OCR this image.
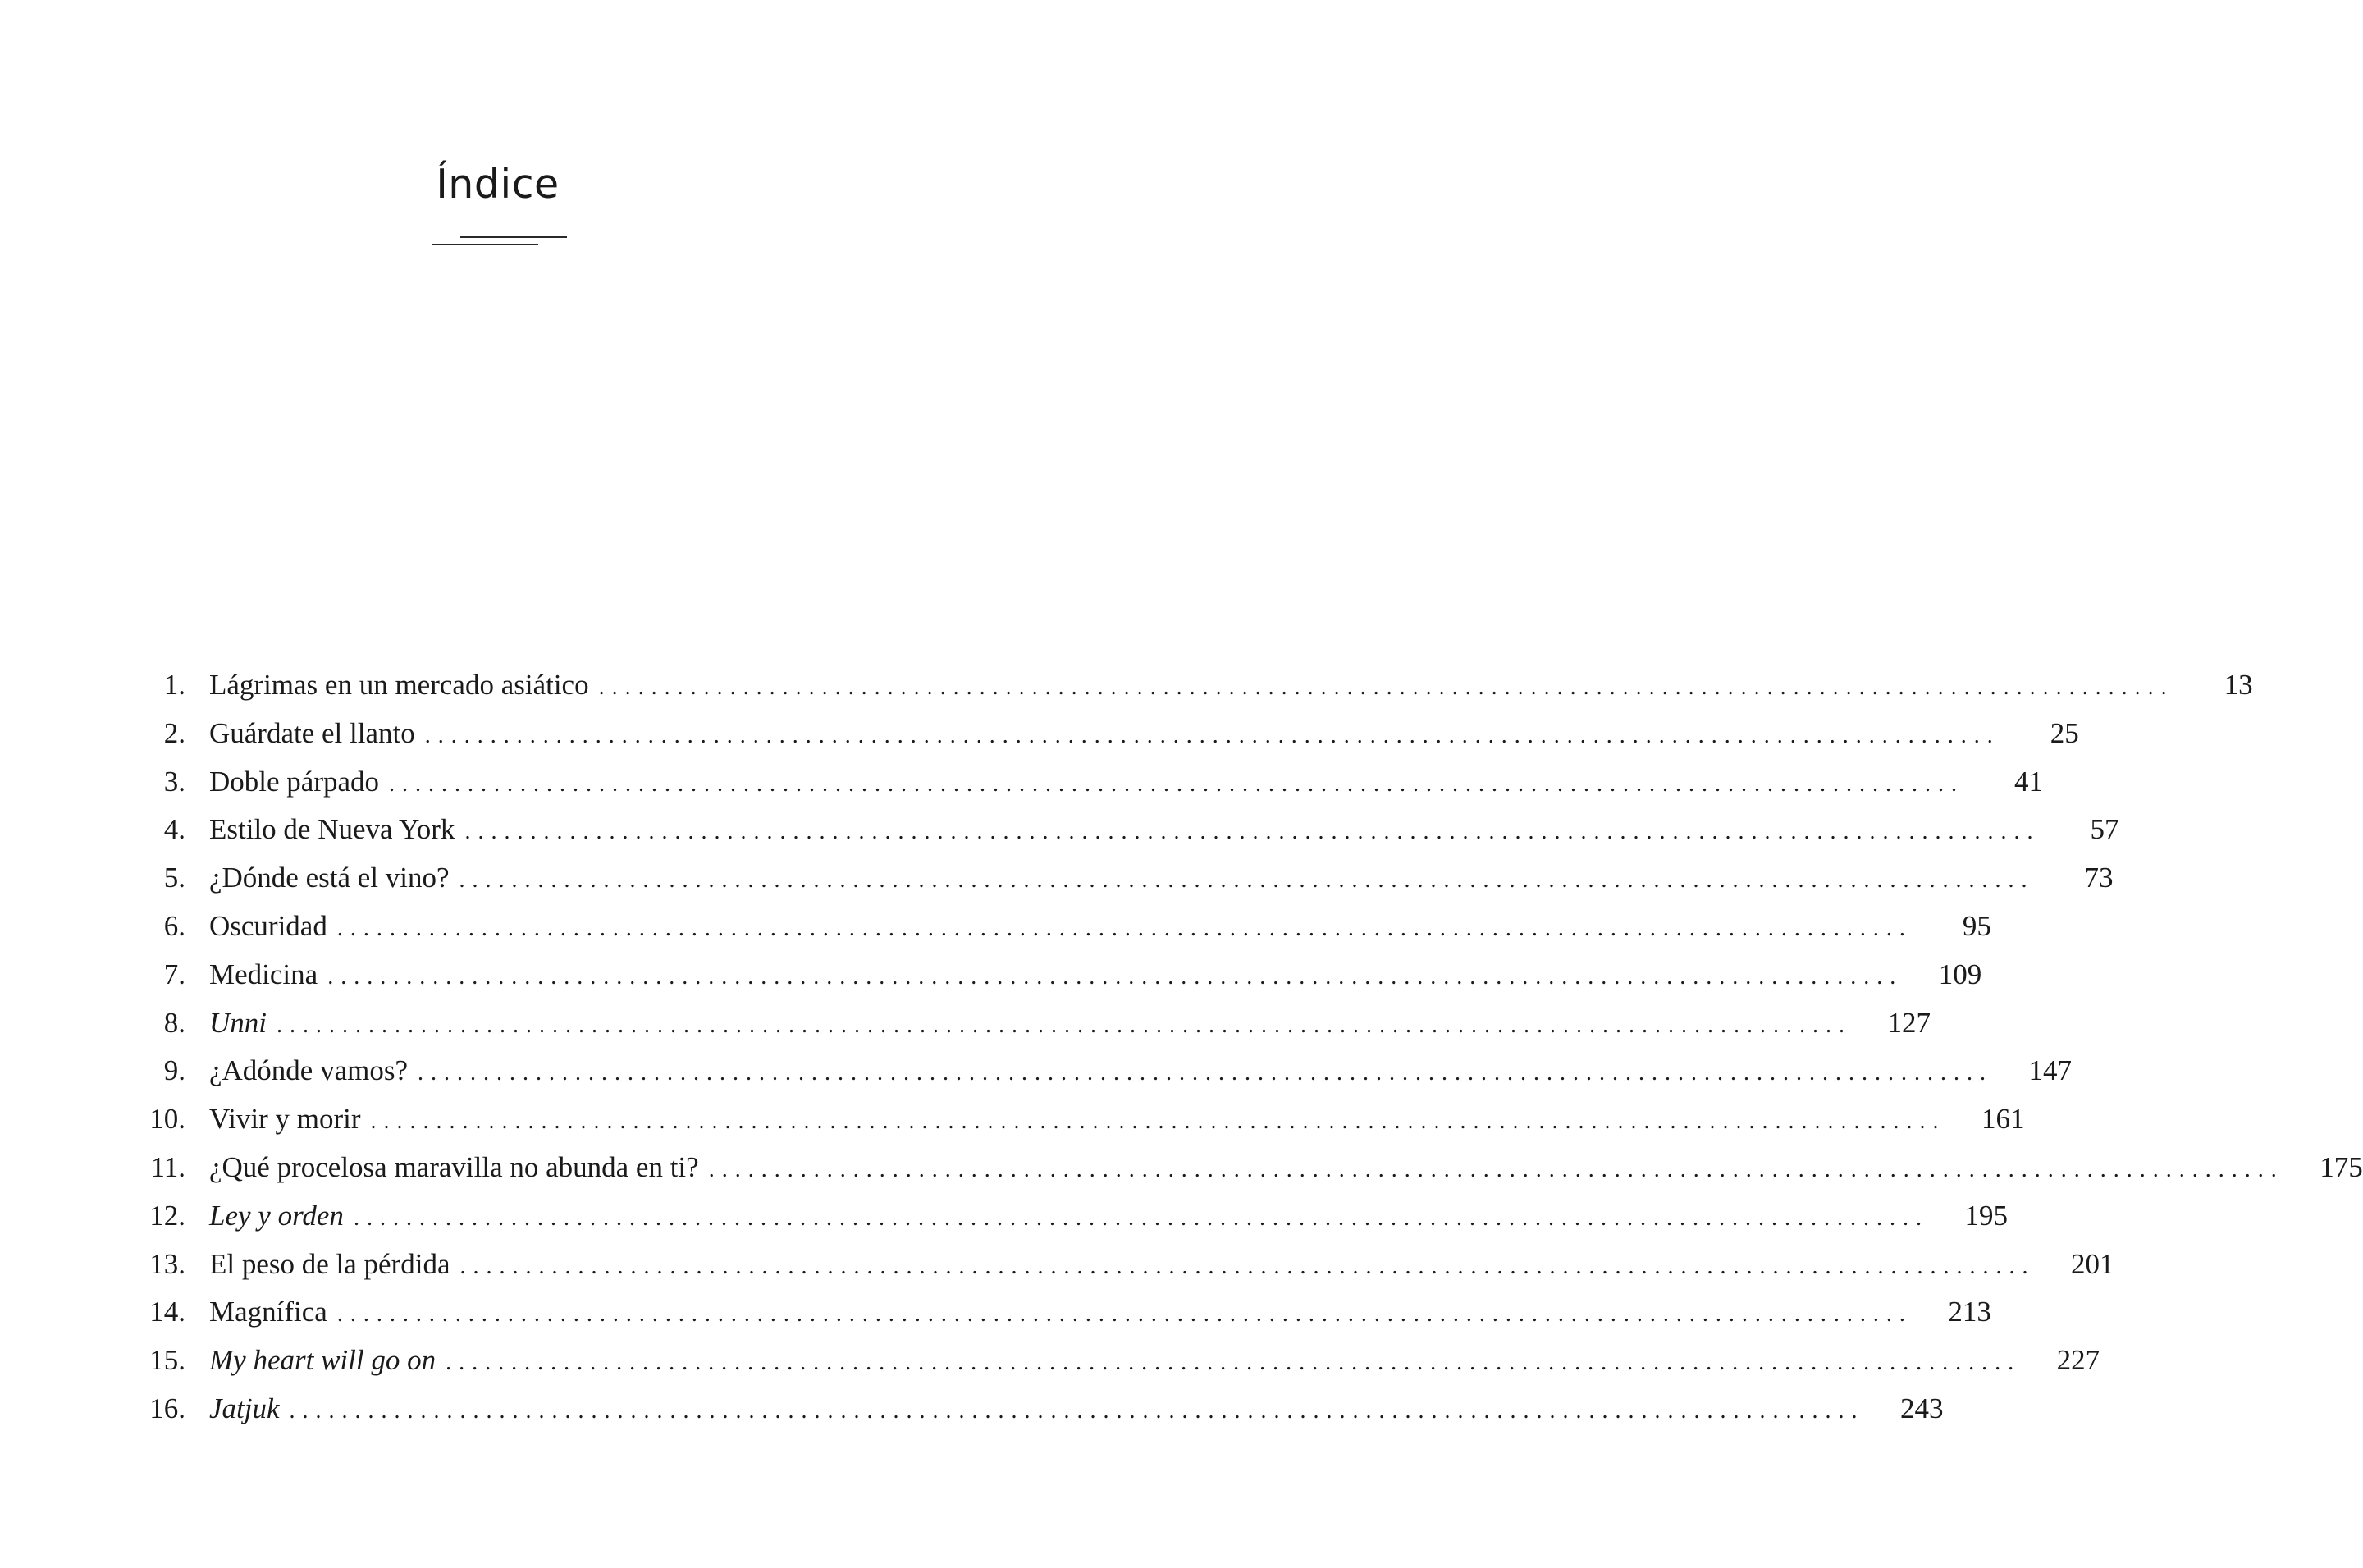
Índice
1. Lágrimas en un mercado asiático . . . . . . . . . . . . . . . . . . . . . . . . . . . . . . . . . . . . . . . . . . . . . . . . . . . . . . . . . . . . . . . . . . . . . . . . . . . . . . . . . . . . . . . . . . . . . . . . . . . . . . . . . . . . . . . . . . . . . . . .	13
2. Guárdate el llanto . . . . . . . . . . . . . . . . . . . . . . . . . . . . . . . . . . . . . . . . . . . . . . . . . . . . . . . . . . . . . . . . . . . . . . . . . . . . . . . . . . . . . . . . . . . . . . . . . . . . . . . . . . . . . . . . . . . . . . . .	25
3. Doble párpado . . . . . . . . . . . . . . . . . . . . . . . . . . . . . . . . . . . . . . . . . . . . . . . . . . . . . . . . . . . . . . . . . . . . . . . . . . . . . . . . . . . . . . . . . . . . . . . . . . . . . . . . . . . . . . . . . . . . . . . .	41
4. Estilo de Nueva York . . . . . . . . . . . . . . . . . . . . . . . . . . . . . . . . . . . . . . . . . . . . . . . . . . . . . . . . . . . . . . . . . . . . . . . . . . . . . . . . . . . . . . . . . . . . . . . . . . . . . . . . . . . . . . . . . . . . . . . .	57
5. ¿Dónde está el vino? . . . . . . . . . . . . . . . . . . . . . . . . . . . . . . . . . . . . . . . . . . . . . . . . . . . . . . . . . . . . . . . . . . . . . . . . . . . . . . . . . . . . . . . . . . . . . . . . . . . . . . . . . . . . . . . . . . . . . . . .	73
6. Oscuridad . . . . . . . . . . . . . . . . . . . . . . . . . . . . . . . . . . . . . . . . . . . . . . . . . . . . . . . . . . . . . . . . . . . . . . . . . . . . . . . . . . . . . . . . . . . . . . . . . . . . . . . . . . . . . . . . . . . . . . . .	95
7. Medicina . . . . . . . . . . . . . . . . . . . . . . . . . . . . . . . . . . . . . . . . . . . . . . . . . . . . . . . . . . . . . . . . . . . . . . . . . . . . . . . . . . . . . . . . . . . . . . . . . . . . . . . . . . . . . . . . . . . . . . . .	109
8. Unni . . . . . . . . . . . . . . . . . . . . . . . . . . . . . . . . . . . . . . . . . . . . . . . . . . . . . . . . . . . . . . . . . . . . . . . . . . . . . . . . . . . . . . . . . . . . . . . . . . . . . . . . . . . . . . . . . . . . . . . .	127
9. ¿Adónde vamos? . . . . . . . . . . . . . . . . . . . . . . . . . . . . . . . . . . . . . . . . . . . . . . . . . . . . . . . . . . . . . . . . . . . . . . . . . . . . . . . . . . . . . . . . . . . . . . . . . . . . . . . . . . . . . . . . . . . . . . . .	147
10. Vivir y morir . . . . . . . . . . . . . . . . . . . . . . . . . . . . . . . . . . . . . . . . . . . . . . . . . . . . . . . . . . . . . . . . . . . . . . . . . . . . . . . . . . . . . . . . . . . . . . . . . . . . . . . . . . . . . . . . . . . . . . . .	161
11. ¿Qué procelosa maravilla no abunda en ti? . . . . . . . . . . . . . . . . . . . . . . . . . . . . . . . . . . . . . . . . . . . . . . . . . . . . . . . . . . . . . . . . . . . . . . . . . . . . . . . . . . . . . . . . . . . . . . . . . . . . . . . . . . . . . . . . . . . . . . . .	175
12. Ley y orden . . . . . . . . . . . . . . . . . . . . . . . . . . . . . . . . . . . . . . . . . . . . . . . . . . . . . . . . . . . . . . . . . . . . . . . . . . . . . . . . . . . . . . . . . . . . . . . . . . . . . . . . . . . . . . . . . . . . . . . .	195
13. El peso de la pérdida . . . . . . . . . . . . . . . . . . . . . . . . . . . . . . . . . . . . . . . . . . . . . . . . . . . . . . . . . . . . . . . . . . . . . . . . . . . . . . . . . . . . . . . . . . . . . . . . . . . . . . . . . . . . . . . . . . . . . . . .	201
14. Magnífica . . . . . . . . . . . . . . . . . . . . . . . . . . . . . . . . . . . . . . . . . . . . . . . . . . . . . . . . . . . . . . . . . . . . . . . . . . . . . . . . . . . . . . . . . . . . . . . . . . . . . . . . . . . . . . . . . . . . . . . .	213
15. My heart will go on . . . . . . . . . . . . . . . . . . . . . . . . . . . . . . . . . . . . . . . . . . . . . . . . . . . . . . . . . . . . . . . . . . . . . . . . . . . . . . . . . . . . . . . . . . . . . . . . . . . . . . . . . . . . . . . . . . . . . . . .	227
16. Jatjuk . . . . . . . . . . . . . . . . . . . . . . . . . . . . . . . . . . . . . . . . . . . . . . . . . . . . . . . . . . . . . . . . . . . . . . . . . . . . . . . . . . . . . . . . . . . . . . . . . . . . . . . . . . . . . . . . . . . . . . . .	243
